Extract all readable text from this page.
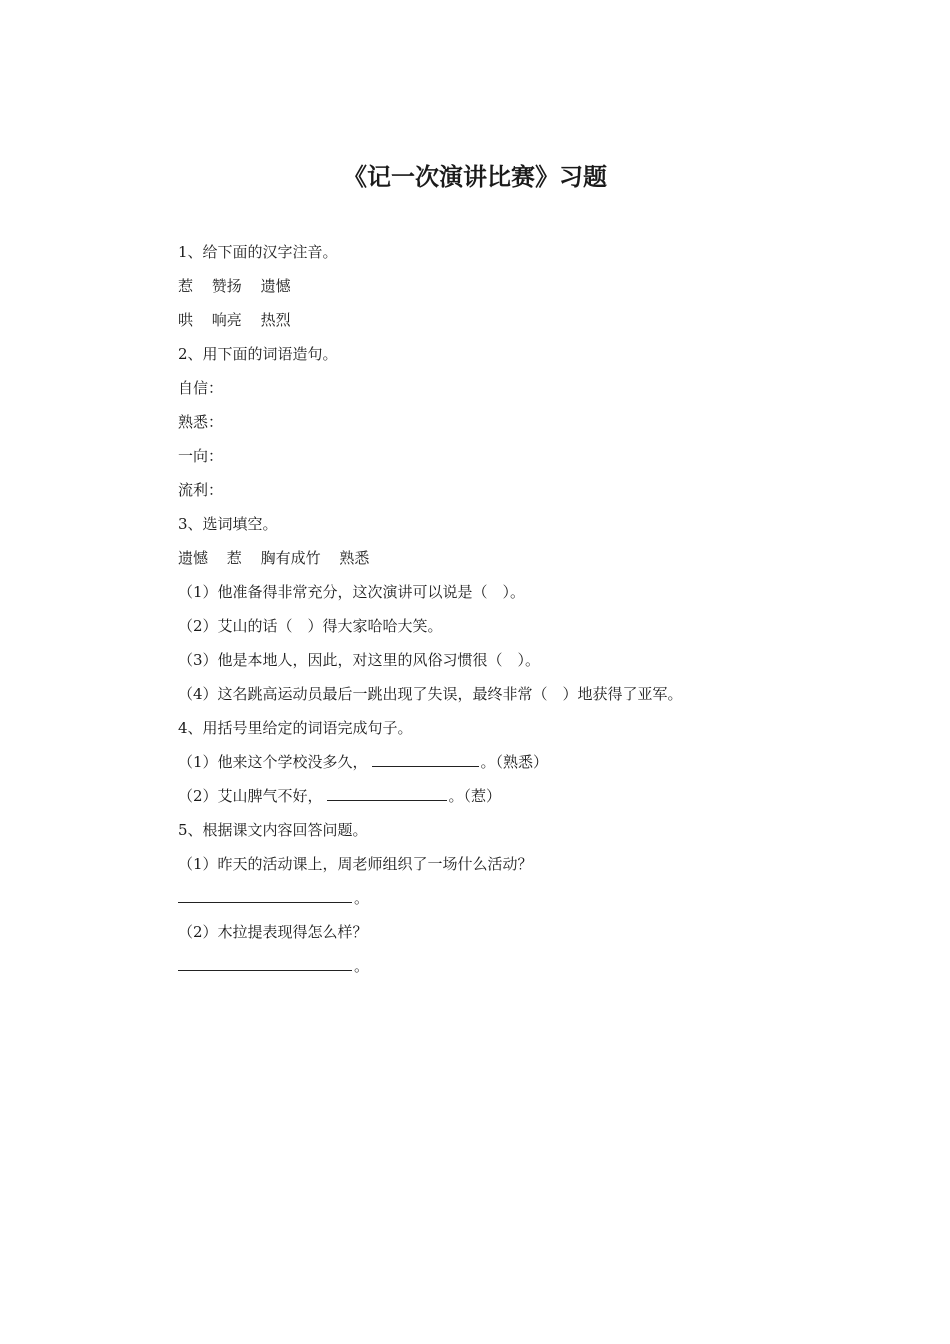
《记一次演讲比赛》习题
1、给下面的汉字注音。
惹 赞扬 遗憾
哄 响亮 热烈
2、用下面的词语造句。
自信：
熟悉：
一向：
流利：
3、选词填空。
遗憾 惹 胸有成竹 熟悉
（1）他准备得非常充分，这次演讲可以说是（　）。
（2）艾山的话（　）得大家哈哈大笑。
（3）他是本地人，因此，对这里的风俗习惯很（　）。
（4）这名跳高运动员最后一跳出现了失误，最终非常（　）地获得了亚军。
4、用括号里给定的词语完成句子。
（1）他来这个学校没多久，	。（熟悉）
（2）艾山脾气不好，	。（惹）
5、根据课文内容回答问题。
（1）昨天的活动课上，周老师组织了一场什么活动？
。
（2）木拉提表现得怎么样？
。
